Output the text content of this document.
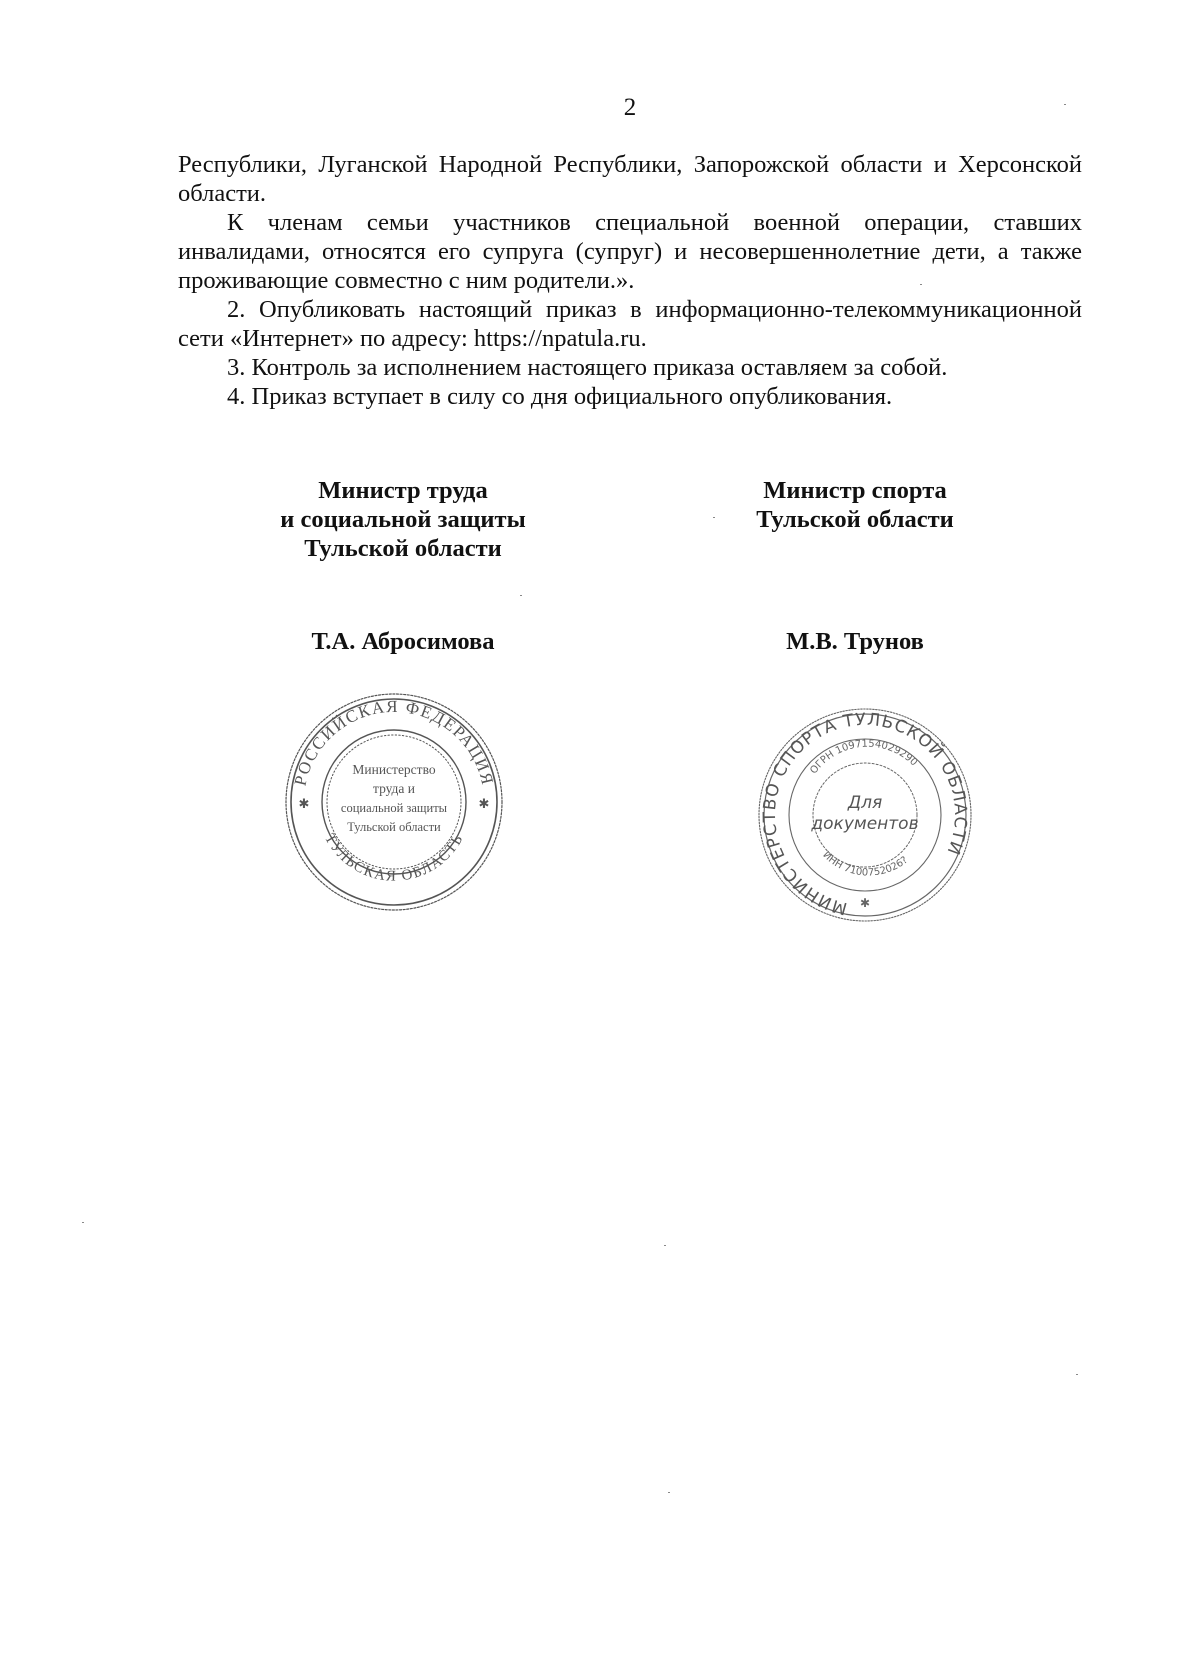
2

Республики, Луганской Народной Республики, Запорожской области и Херсонской области.

К членам семьи участников специальной военной операции, ставших инвалидами, относятся его супруга (супруг) и несовершеннолетние дети, а также проживающие совместно с ним родители.».

2. Опубликовать настоящий приказ в информационно-телекоммуникационной сети «Интернет» по адресу: https://npatula.ru.

3. Контроль за исполнением настоящего приказа оставляем за собой.

4. Приказ вступает в силу со дня официального опубликования.

Министр труда
и социальной защиты
Тульской области
Т.А. Абросимова
Министр спорта
Тульской области
М.В. Трунов
РОССИЙСКАЯ ФЕДЕРАЦИЯ
ТУЛЬСКАЯ ОБЛАСТЬ
✱	✱
Министерство
труда и
социальной защиты
Тульской области
МИНИСТЕРСТВО СПОРТА ТУЛЬСКОЙ ОБЛАСТИ
ОГРН 1097154029290
ИНН 7100752026?
Для
документов
✱
